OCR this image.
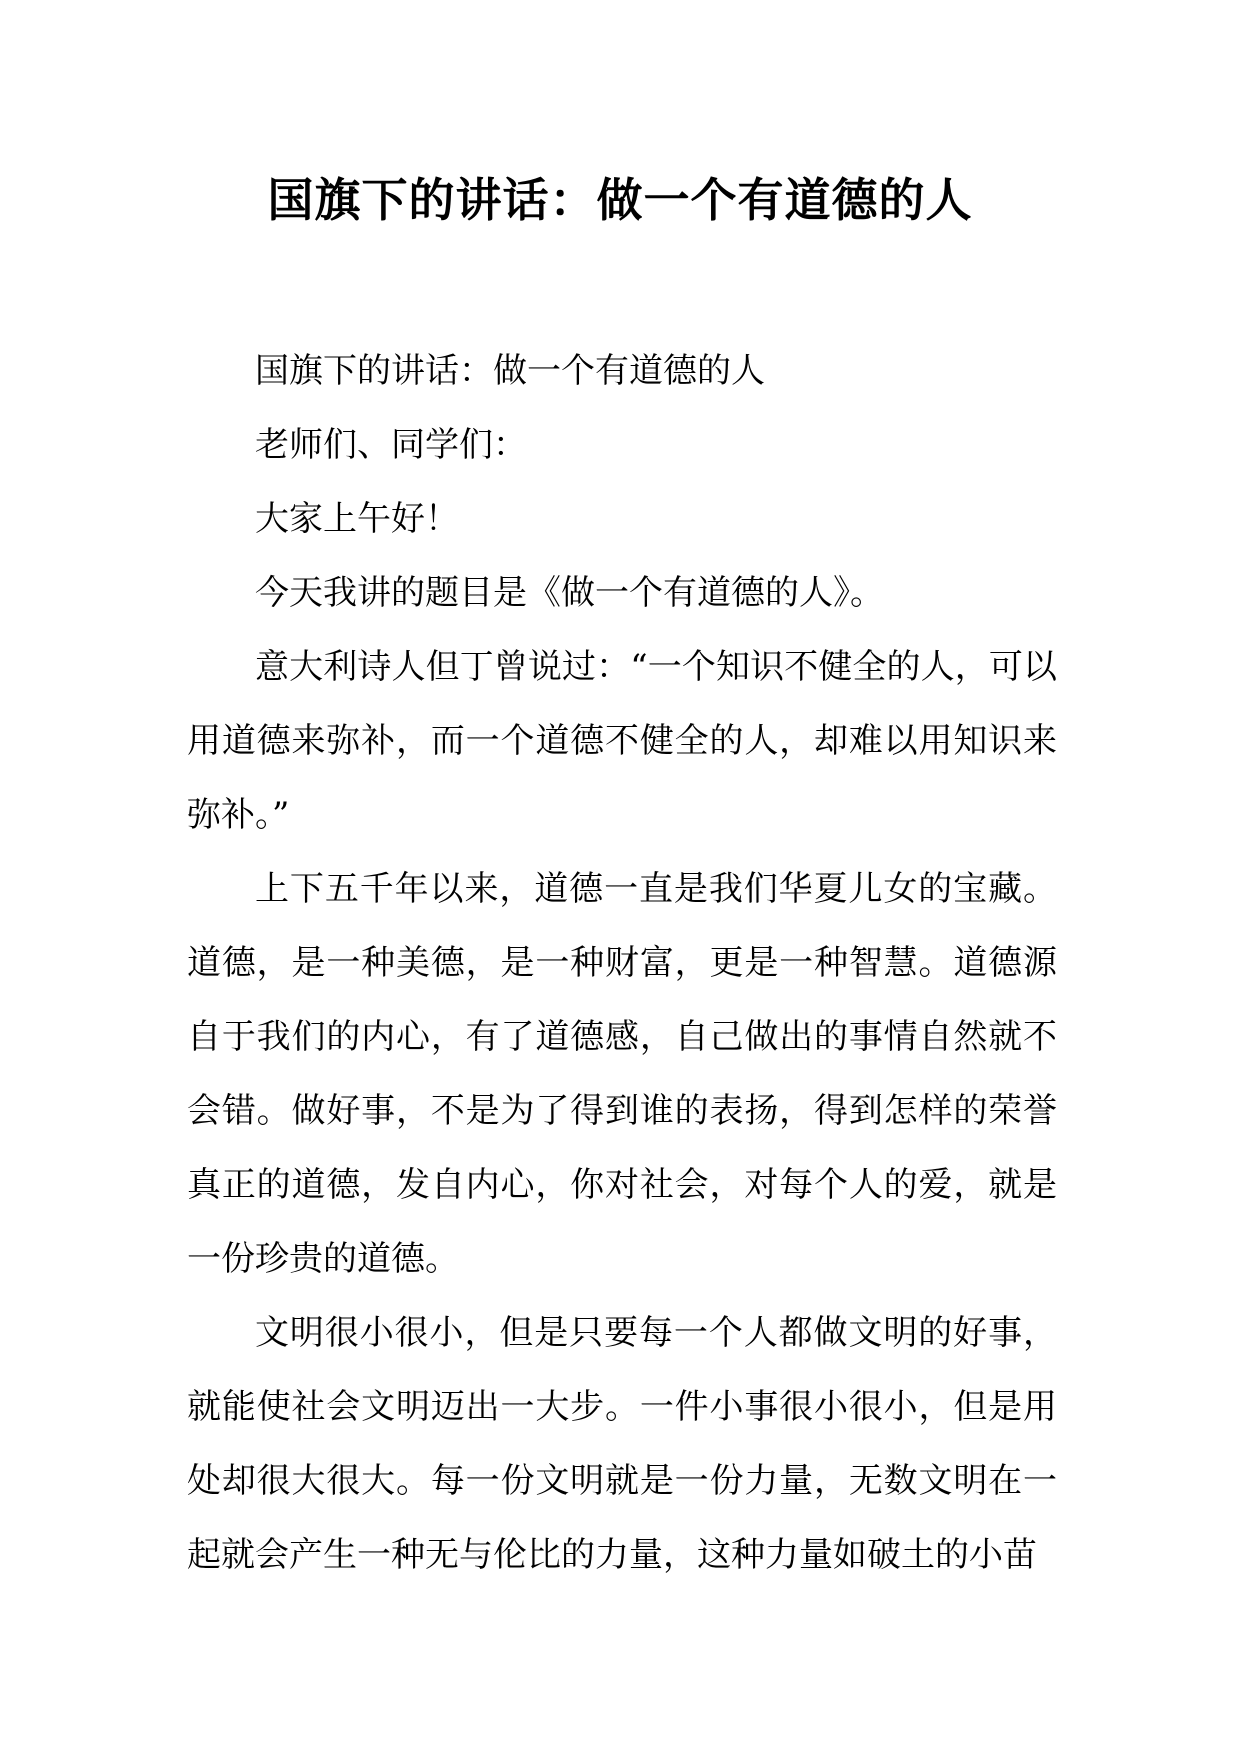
国旗下的讲话：做一个有道德的人

国旗下的讲话：做一个有道德的人

老师们、同学们：

大家上午好！

今天我讲的题目是《做一个有道德的人》。

意大利诗人但丁曾说过：“一个知识不健全的人，可以用道德来弥补，而一个道德不健全的人，却难以用知识来弥补。”

上下五千年以来，道德一直是我们华夏儿女的宝藏。道德，是一种美德，是一种财富，更是一种智慧。道德源自于我们的内心，有了道德感，自己做出的事情自然就不会错。做好事，不是为了得到谁的表扬，得到怎样的荣誉真正的道德，发自内心，你对社会，对每个人的爱，就是一份珍贵的道德。

文明很小很小，但是只要每一个人都做文明的好事，就能使社会文明迈出一大步。一件小事很小很小，但是用处却很大很大。每一份文明就是一份力量，无数文明在一起就会产生一种无与伦比的力量，这种力量如破土的小苗
